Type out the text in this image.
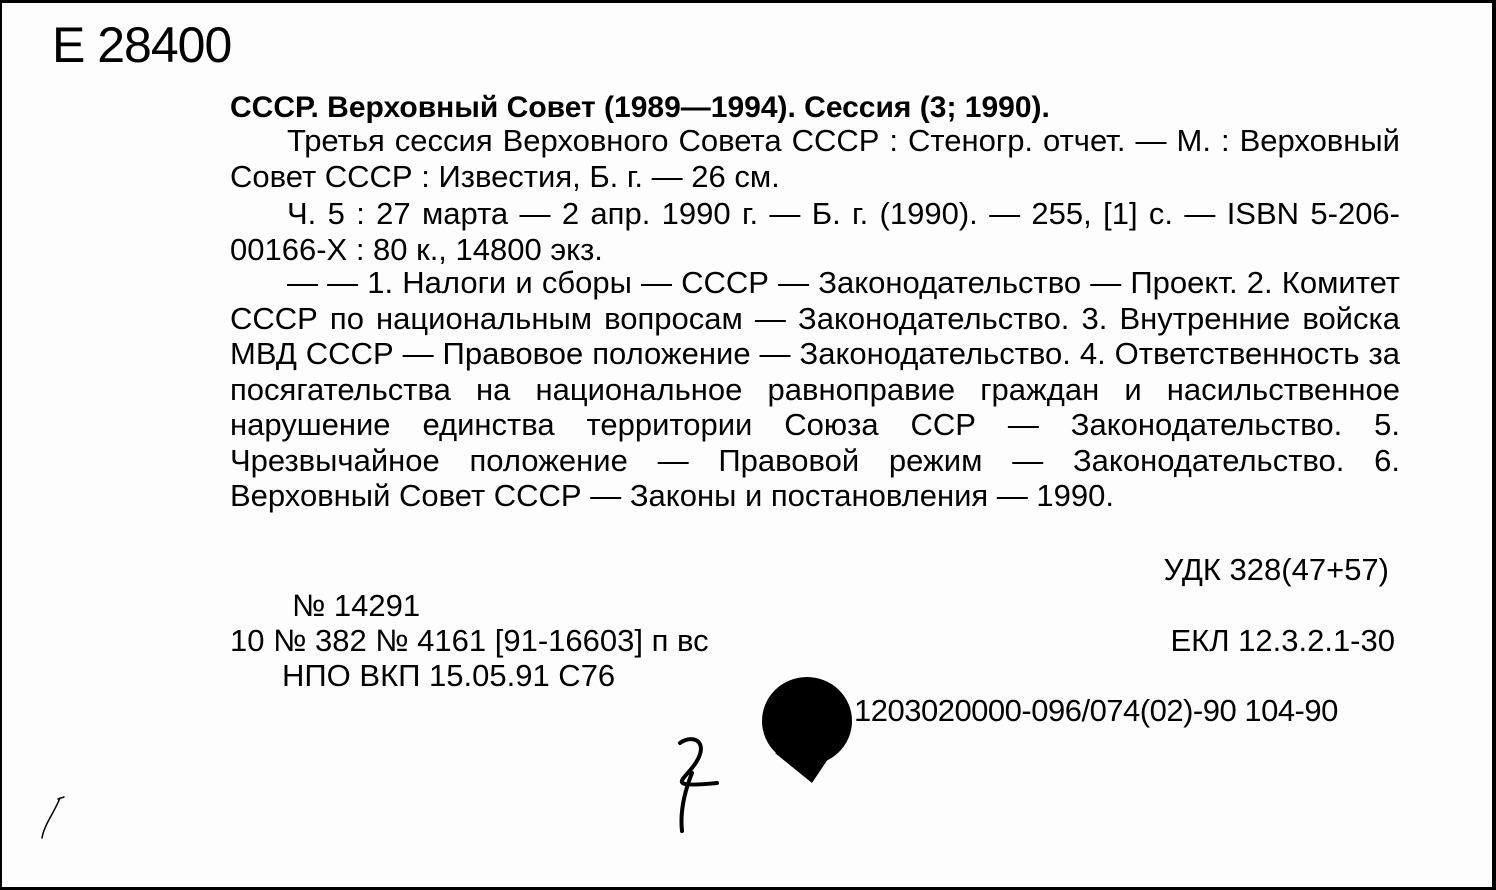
Е 28400
СССР. Верховный Совет (1989—1994). Сессия (3; 1990).
Третья сессия Верховного Совета СССР : Стеногр. отчет. — М. : Верховный Совет СССР : Известия, Б. г. — 26 см.
Ч. 5 : 27 марта — 2 апр. 1990 г. — Б. г. (1990). — 255, [1] с. — ISBN 5-206-00166-X : 80 к., 14800 экз.
— — 1. Налоги и сборы — СССР — Законодательство — Проект. 2. Комитет СССР по национальным вопросам — Законодательство. 3. Внутренние войска МВД СССР — Правовое положение — Законодательство. 4. Ответственность за посягательства на национальное равноправие граждан и насильственное нарушение единства территории Союза ССР — Законодательство. 5. Чрезвычайное положение — Правовой режим — Законодательство. 6. Верховный Совет СССР — Законы и постановления — 1990.
УДК 328(47+57)
№ 14291
10 № 382 № 4161 [91-16603] п вс	ЕКЛ 12.3.2.1-30
НПО ВКП 15.05.91 С76
1203020000-096/074(02)-90 104-90
